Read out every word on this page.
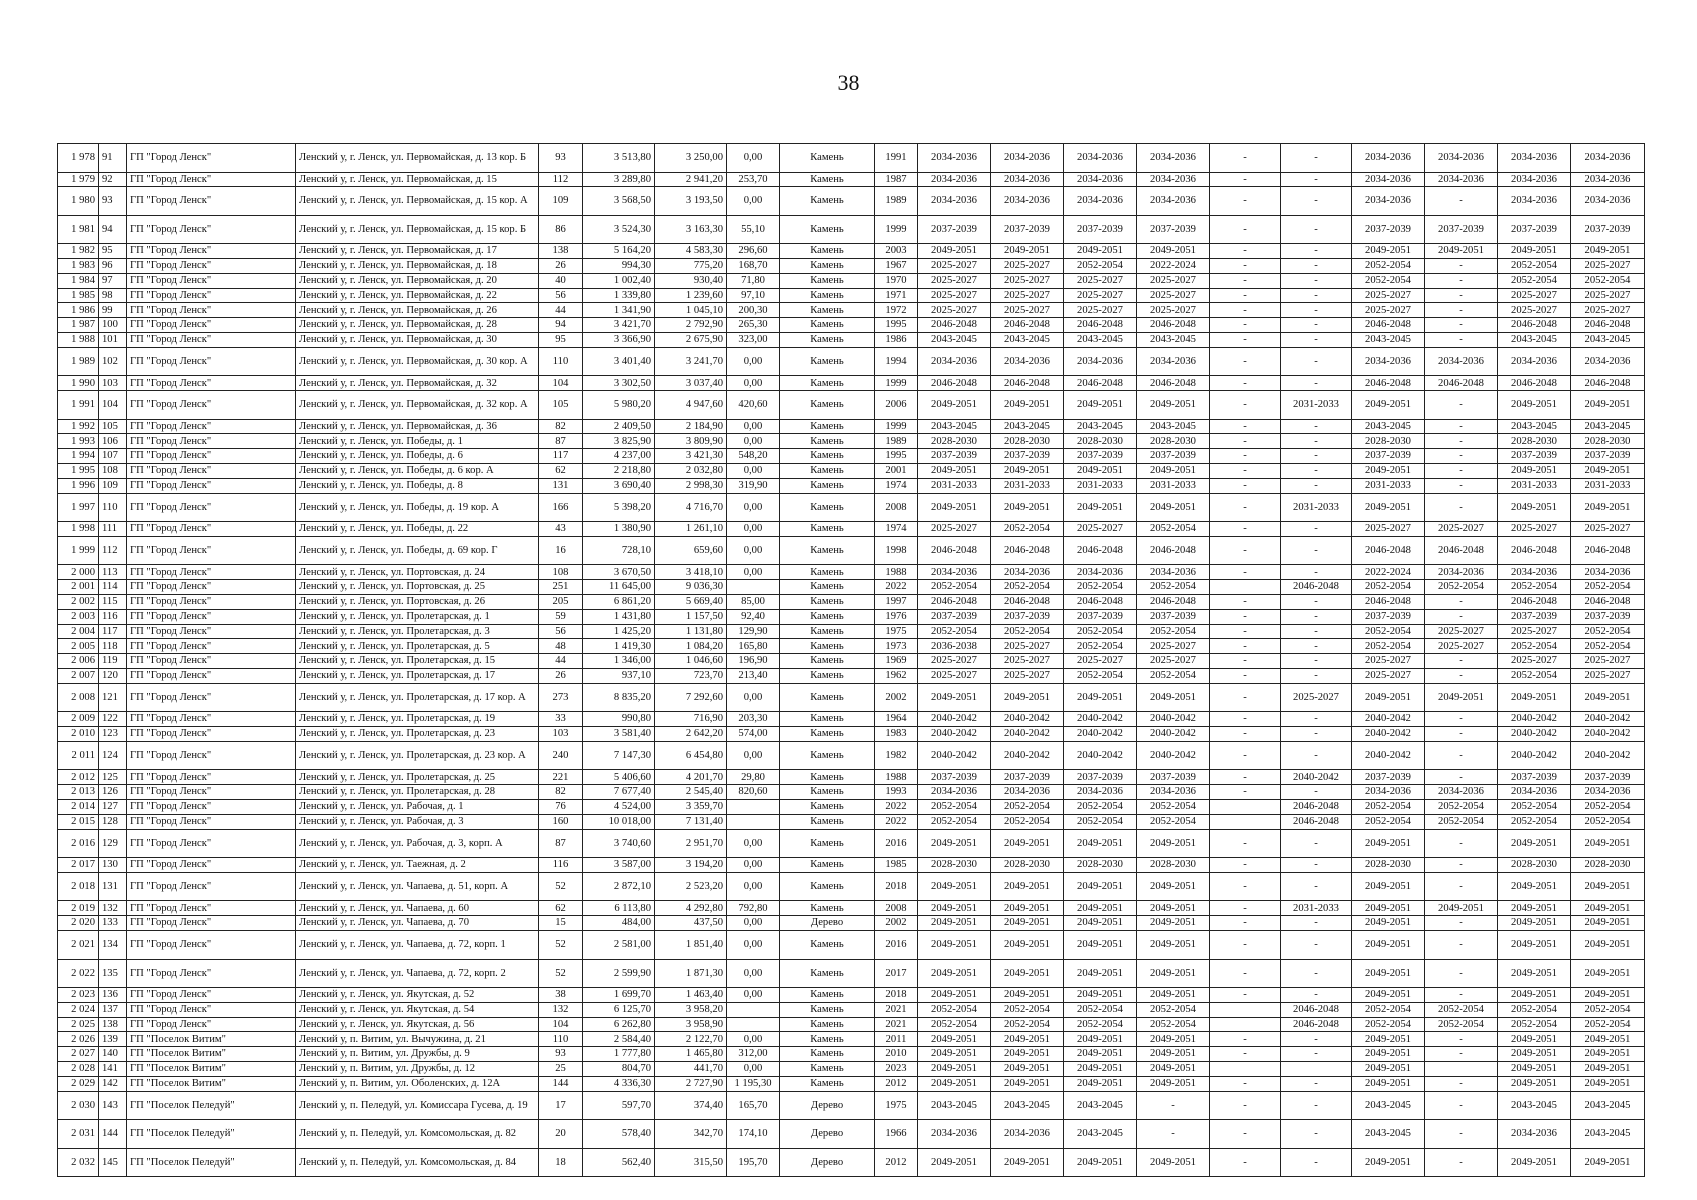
38
1 978	91	ГП "Город Ленск"	Ленский у, г. Ленск, ул. Первомайская, д. 13 кор. Б	93	3 513,80	3 250,00	0,00	Камень	1991	2034-2036	2034-2036	2034-2036	2034-2036	-	-	2034-2036	2034-2036	2034-2036	2034-2036
1 979	92	ГП "Город Ленск"	Ленский у, г. Ленск, ул. Первомайская, д. 15	112	3 289,80	2 941,20	253,70	Камень	1987	2034-2036	2034-2036	2034-2036	2034-2036	-	-	2034-2036	2034-2036	2034-2036	2034-2036
1 980	93	ГП "Город Ленск"	Ленский у, г. Ленск, ул. Первомайская, д. 15 кор. А	109	3 568,50	3 193,50	0,00	Камень	1989	2034-2036	2034-2036	2034-2036	2034-2036	-	-	2034-2036	-	2034-2036	2034-2036
1 981	94	ГП "Город Ленск"	Ленский у, г. Ленск, ул. Первомайская, д. 15 кор. Б	86	3 524,30	3 163,30	55,10	Камень	1999	2037-2039	2037-2039	2037-2039	2037-2039	-	-	2037-2039	2037-2039	2037-2039	2037-2039
1 982	95	ГП "Город Ленск"	Ленский у, г. Ленск, ул. Первомайская, д. 17	138	5 164,20	4 583,30	296,60	Камень	2003	2049-2051	2049-2051	2049-2051	2049-2051	-	-	2049-2051	2049-2051	2049-2051	2049-2051
1 983	96	ГП "Город Ленск"	Ленский у, г. Ленск, ул. Первомайская, д. 18	26	994,30	775,20	168,70	Камень	1967	2025-2027	2025-2027	2052-2054	2022-2024	-	-	2052-2054	-	2052-2054	2025-2027
1 984	97	ГП "Город Ленск"	Ленский у, г. Ленск, ул. Первомайская, д. 20	40	1 002,40	930,40	71,80	Камень	1970	2025-2027	2025-2027	2025-2027	2025-2027	-	-	2052-2054	-	2052-2054	2052-2054
1 985	98	ГП "Город Ленск"	Ленский у, г. Ленск, ул. Первомайская, д. 22	56	1 339,80	1 239,60	97,10	Камень	1971	2025-2027	2025-2027	2025-2027	2025-2027	-	-	2025-2027	-	2025-2027	2025-2027
1 986	99	ГП "Город Ленск"	Ленский у, г. Ленск, ул. Первомайская, д. 26	44	1 341,90	1 045,10	200,30	Камень	1972	2025-2027	2025-2027	2025-2027	2025-2027	-	-	2025-2027	-	2025-2027	2025-2027
1 987	100	ГП "Город Ленск"	Ленский у, г. Ленск, ул. Первомайская, д. 28	94	3 421,70	2 792,90	265,30	Камень	1995	2046-2048	2046-2048	2046-2048	2046-2048	-	-	2046-2048	-	2046-2048	2046-2048
1 988	101	ГП "Город Ленск"	Ленский у, г. Ленск, ул. Первомайская, д. 30	95	3 366,90	2 675,90	323,00	Камень	1986	2043-2045	2043-2045	2043-2045	2043-2045	-	-	2043-2045	-	2043-2045	2043-2045
1 989	102	ГП "Город Ленск"	Ленский у, г. Ленск, ул. Первомайская, д. 30 кор. А	110	3 401,40	3 241,70	0,00	Камень	1994	2034-2036	2034-2036	2034-2036	2034-2036	-	-	2034-2036	2034-2036	2034-2036	2034-2036
1 990	103	ГП "Город Ленск"	Ленский у, г. Ленск, ул. Первомайская, д. 32	104	3 302,50	3 037,40	0,00	Камень	1999	2046-2048	2046-2048	2046-2048	2046-2048	-	-	2046-2048	2046-2048	2046-2048	2046-2048
1 991	104	ГП "Город Ленск"	Ленский у, г. Ленск, ул. Первомайская, д. 32 кор. А	105	5 980,20	4 947,60	420,60	Камень	2006	2049-2051	2049-2051	2049-2051	2049-2051	-	2031-2033	2049-2051	-	2049-2051	2049-2051
1 992	105	ГП "Город Ленск"	Ленский у, г. Ленск, ул. Первомайская, д. 36	82	2 409,50	2 184,90	0,00	Камень	1999	2043-2045	2043-2045	2043-2045	2043-2045	-	-	2043-2045	-	2043-2045	2043-2045
1 993	106	ГП "Город Ленск"	Ленский у, г. Ленск, ул. Победы, д. 1	87	3 825,90	3 809,90	0,00	Камень	1989	2028-2030	2028-2030	2028-2030	2028-2030	-	-	2028-2030	-	2028-2030	2028-2030
1 994	107	ГП "Город Ленск"	Ленский у, г. Ленск, ул. Победы, д. 6	117	4 237,00	3 421,30	548,20	Камень	1995	2037-2039	2037-2039	2037-2039	2037-2039	-	-	2037-2039	-	2037-2039	2037-2039
1 995	108	ГП "Город Ленск"	Ленский у, г. Ленск, ул. Победы, д. 6 кор. А	62	2 218,80	2 032,80	0,00	Камень	2001	2049-2051	2049-2051	2049-2051	2049-2051	-	-	2049-2051	-	2049-2051	2049-2051
1 996	109	ГП "Город Ленск"	Ленский у, г. Ленск, ул. Победы, д. 8	131	3 690,40	2 998,30	319,90	Камень	1974	2031-2033	2031-2033	2031-2033	2031-2033	-	-	2031-2033	-	2031-2033	2031-2033
1 997	110	ГП "Город Ленск"	Ленский у, г. Ленск, ул. Победы, д. 19 кор. А	166	5 398,20	4 716,70	0,00	Камень	2008	2049-2051	2049-2051	2049-2051	2049-2051	-	2031-2033	2049-2051	-	2049-2051	2049-2051
1 998	111	ГП "Город Ленск"	Ленский у, г. Ленск, ул. Победы, д. 22	43	1 380,90	1 261,10	0,00	Камень	1974	2025-2027	2052-2054	2025-2027	2052-2054	-	-	2025-2027	2025-2027	2025-2027	2025-2027
1 999	112	ГП "Город Ленск"	Ленский у, г. Ленск, ул. Победы, д. 69 кор. Г	16	728,10	659,60	0,00	Камень	1998	2046-2048	2046-2048	2046-2048	2046-2048	-	-	2046-2048	2046-2048	2046-2048	2046-2048
2 000	113	ГП "Город Ленск"	Ленский у, г. Ленск, ул. Портовская, д. 24	108	3 670,50	3 418,10	0,00	Камень	1988	2034-2036	2034-2036	2034-2036	2034-2036	-	-	2022-2024	2034-2036	2034-2036	2034-2036
2 001	114	ГП "Город Ленск"	Ленский у, г. Ленск, ул. Портовская, д. 25	251	11 645,00	9 036,30		Камень	2022	2052-2054	2052-2054	2052-2054	2052-2054		2046-2048	2052-2054	2052-2054	2052-2054	2052-2054
2 002	115	ГП "Город Ленск"	Ленский у, г. Ленск, ул. Портовская, д. 26	205	6 861,20	5 669,40	85,00	Камень	1997	2046-2048	2046-2048	2046-2048	2046-2048	-	-	2046-2048	-	2046-2048	2046-2048
2 003	116	ГП "Город Ленск"	Ленский у, г. Ленск, ул. Пролетарская, д. 1	59	1 431,80	1 157,50	92,40	Камень	1976	2037-2039	2037-2039	2037-2039	2037-2039	-	-	2037-2039	-	2037-2039	2037-2039
2 004	117	ГП "Город Ленск"	Ленский у, г. Ленск, ул. Пролетарская, д. 3	56	1 425,20	1 131,80	129,90	Камень	1975	2052-2054	2052-2054	2052-2054	2052-2054	-	-	2052-2054	2025-2027	2025-2027	2052-2054
2 005	118	ГП "Город Ленск"	Ленский у, г. Ленск, ул. Пролетарская, д. 5	48	1 419,30	1 084,20	165,80	Камень	1973	2036-2038	2025-2027	2052-2054	2025-2027	-	-	2052-2054	2025-2027	2052-2054	2052-2054
2 006	119	ГП "Город Ленск"	Ленский у, г. Ленск, ул. Пролетарская, д. 15	44	1 346,00	1 046,60	196,90	Камень	1969	2025-2027	2025-2027	2025-2027	2025-2027	-	-	2025-2027	-	2025-2027	2025-2027
2 007	120	ГП "Город Ленск"	Ленский у, г. Ленск, ул. Пролетарская, д. 17	26	937,10	723,70	213,40	Камень	1962	2025-2027	2025-2027	2052-2054	2052-2054	-	-	2025-2027	-	2052-2054	2025-2027
2 008	121	ГП "Город Ленск"	Ленский у, г. Ленск, ул. Пролетарская, д. 17 кор. А	273	8 835,20	7 292,60	0,00	Камень	2002	2049-2051	2049-2051	2049-2051	2049-2051	-	2025-2027	2049-2051	2049-2051	2049-2051	2049-2051
2 009	122	ГП "Город Ленск"	Ленский у, г. Ленск, ул. Пролетарская, д. 19	33	990,80	716,90	203,30	Камень	1964	2040-2042	2040-2042	2040-2042	2040-2042	-	-	2040-2042	-	2040-2042	2040-2042
2 010	123	ГП "Город Ленск"	Ленский у, г. Ленск, ул. Пролетарская, д. 23	103	3 581,40	2 642,20	574,00	Камень	1983	2040-2042	2040-2042	2040-2042	2040-2042	-	-	2040-2042	-	2040-2042	2040-2042
2 011	124	ГП "Город Ленск"	Ленский у, г. Ленск, ул. Пролетарская, д. 23 кор. А	240	7 147,30	6 454,80	0,00	Камень	1982	2040-2042	2040-2042	2040-2042	2040-2042	-	-	2040-2042	-	2040-2042	2040-2042
2 012	125	ГП "Город Ленск"	Ленский у, г. Ленск, ул. Пролетарская, д. 25	221	5 406,60	4 201,70	29,80	Камень	1988	2037-2039	2037-2039	2037-2039	2037-2039	-	2040-2042	2037-2039	-	2037-2039	2037-2039
2 013	126	ГП "Город Ленск"	Ленский у, г. Ленск, ул. Пролетарская, д. 28	82	7 677,40	2 545,40	820,60	Камень	1993	2034-2036	2034-2036	2034-2036	2034-2036	-	-	2034-2036	2034-2036	2034-2036	2034-2036
2 014	127	ГП "Город Ленск"	Ленский у, г. Ленск, ул. Рабочая, д. 1	76	4 524,00	3 359,70		Камень	2022	2052-2054	2052-2054	2052-2054	2052-2054		2046-2048	2052-2054	2052-2054	2052-2054	2052-2054
2 015	128	ГП "Город Ленск"	Ленский у, г. Ленск, ул. Рабочая, д. 3	160	10 018,00	7 131,40		Камень	2022	2052-2054	2052-2054	2052-2054	2052-2054		2046-2048	2052-2054	2052-2054	2052-2054	2052-2054
2 016	129	ГП "Город Ленск"	Ленский у, г. Ленск, ул. Рабочая, д. 3, корп. А	87	3 740,60	2 951,70	0,00	Камень	2016	2049-2051	2049-2051	2049-2051	2049-2051	-	-	2049-2051	-	2049-2051	2049-2051
2 017	130	ГП "Город Ленск"	Ленский у, г. Ленск, ул. Таежная, д. 2	116	3 587,00	3 194,20	0,00	Камень	1985	2028-2030	2028-2030	2028-2030	2028-2030	-	-	2028-2030	-	2028-2030	2028-2030
2 018	131	ГП "Город Ленск"	Ленский у, г. Ленск, ул. Чапаева, д. 51, корп. А	52	2 872,10	2 523,20	0,00	Камень	2018	2049-2051	2049-2051	2049-2051	2049-2051	-	-	2049-2051	-	2049-2051	2049-2051
2 019	132	ГП "Город Ленск"	Ленский у, г. Ленск, ул. Чапаева, д. 60	62	6 113,80	4 292,80	792,80	Камень	2008	2049-2051	2049-2051	2049-2051	2049-2051	-	2031-2033	2049-2051	2049-2051	2049-2051	2049-2051
2 020	133	ГП "Город Ленск"	Ленский у, г. Ленск, ул. Чапаева, д. 70	15	484,00	437,50	0,00	Дерево	2002	2049-2051	2049-2051	2049-2051	2049-2051	-	-	2049-2051	-	2049-2051	2049-2051
2 021	134	ГП "Город Ленск"	Ленский у, г. Ленск, ул. Чапаева, д. 72, корп. 1	52	2 581,00	1 851,40	0,00	Камень	2016	2049-2051	2049-2051	2049-2051	2049-2051	-	-	2049-2051	-	2049-2051	2049-2051
2 022	135	ГП "Город Ленск"	Ленский у, г. Ленск, ул. Чапаева, д. 72, корп. 2	52	2 599,90	1 871,30	0,00	Камень	2017	2049-2051	2049-2051	2049-2051	2049-2051	-	-	2049-2051	-	2049-2051	2049-2051
2 023	136	ГП "Город Ленск"	Ленский у, г. Ленск, ул. Якутская, д. 52	38	1 699,70	1 463,40	0,00	Камень	2018	2049-2051	2049-2051	2049-2051	2049-2051	-	-	2049-2051	-	2049-2051	2049-2051
2 024	137	ГП "Город Ленск"	Ленский у, г. Ленск, ул. Якутская, д. 54	132	6 125,70	3 958,20		Камень	2021	2052-2054	2052-2054	2052-2054	2052-2054		2046-2048	2052-2054	2052-2054	2052-2054	2052-2054
2 025	138	ГП "Город Ленск"	Ленский у, г. Ленск, ул. Якутская, д. 56	104	6 262,80	3 958,90		Камень	2021	2052-2054	2052-2054	2052-2054	2052-2054		2046-2048	2052-2054	2052-2054	2052-2054	2052-2054
2 026	139	ГП "Поселок Витим"	Ленский у, п. Витим, ул. Вычужина, д. 21	110	2 584,40	2 122,70	0,00	Камень	2011	2049-2051	2049-2051	2049-2051	2049-2051	-	-	2049-2051	-	2049-2051	2049-2051
2 027	140	ГП "Поселок Витим"	Ленский у, п. Витим, ул. Дружбы, д. 9	93	1 777,80	1 465,80	312,00	Камень	2010	2049-2051	2049-2051	2049-2051	2049-2051	-	-	2049-2051	-	2049-2051	2049-2051
2 028	141	ГП "Поселок Витим"	Ленский у, п. Витим, ул. Дружбы, д. 12	25	804,70	441,70	0,00	Камень	2023	2049-2051	2049-2051	2049-2051	2049-2051			2049-2051		2049-2051	2049-2051
2 029	142	ГП "Поселок Витим"	Ленский у, п. Витим, ул. Оболенских, д. 12А	144	4 336,30	2 727,90	1 195,30	Камень	2012	2049-2051	2049-2051	2049-2051	2049-2051	-	-	2049-2051	-	2049-2051	2049-2051
2 030	143	ГП "Поселок Пеледуй"	Ленский у, п. Пеледуй, ул. Комиссара Гусева, д. 19	17	597,70	374,40	165,70	Дерево	1975	2043-2045	2043-2045	2043-2045	-	-	-	2043-2045	-	2043-2045	2043-2045
2 031	144	ГП "Поселок Пеледуй"	Ленский у, п. Пеледуй, ул. Комсомольская, д. 82	20	578,40	342,70	174,10	Дерево	1966	2034-2036	2034-2036	2043-2045	-	-	-	2043-2045	-	2034-2036	2043-2045
2 032	145	ГП "Поселок Пеледуй"	Ленский у, п. Пеледуй, ул. Комсомольская, д. 84	18	562,40	315,50	195,70	Дерево	2012	2049-2051	2049-2051	2049-2051	2049-2051	-	-	2049-2051	-	2049-2051	2049-2051
